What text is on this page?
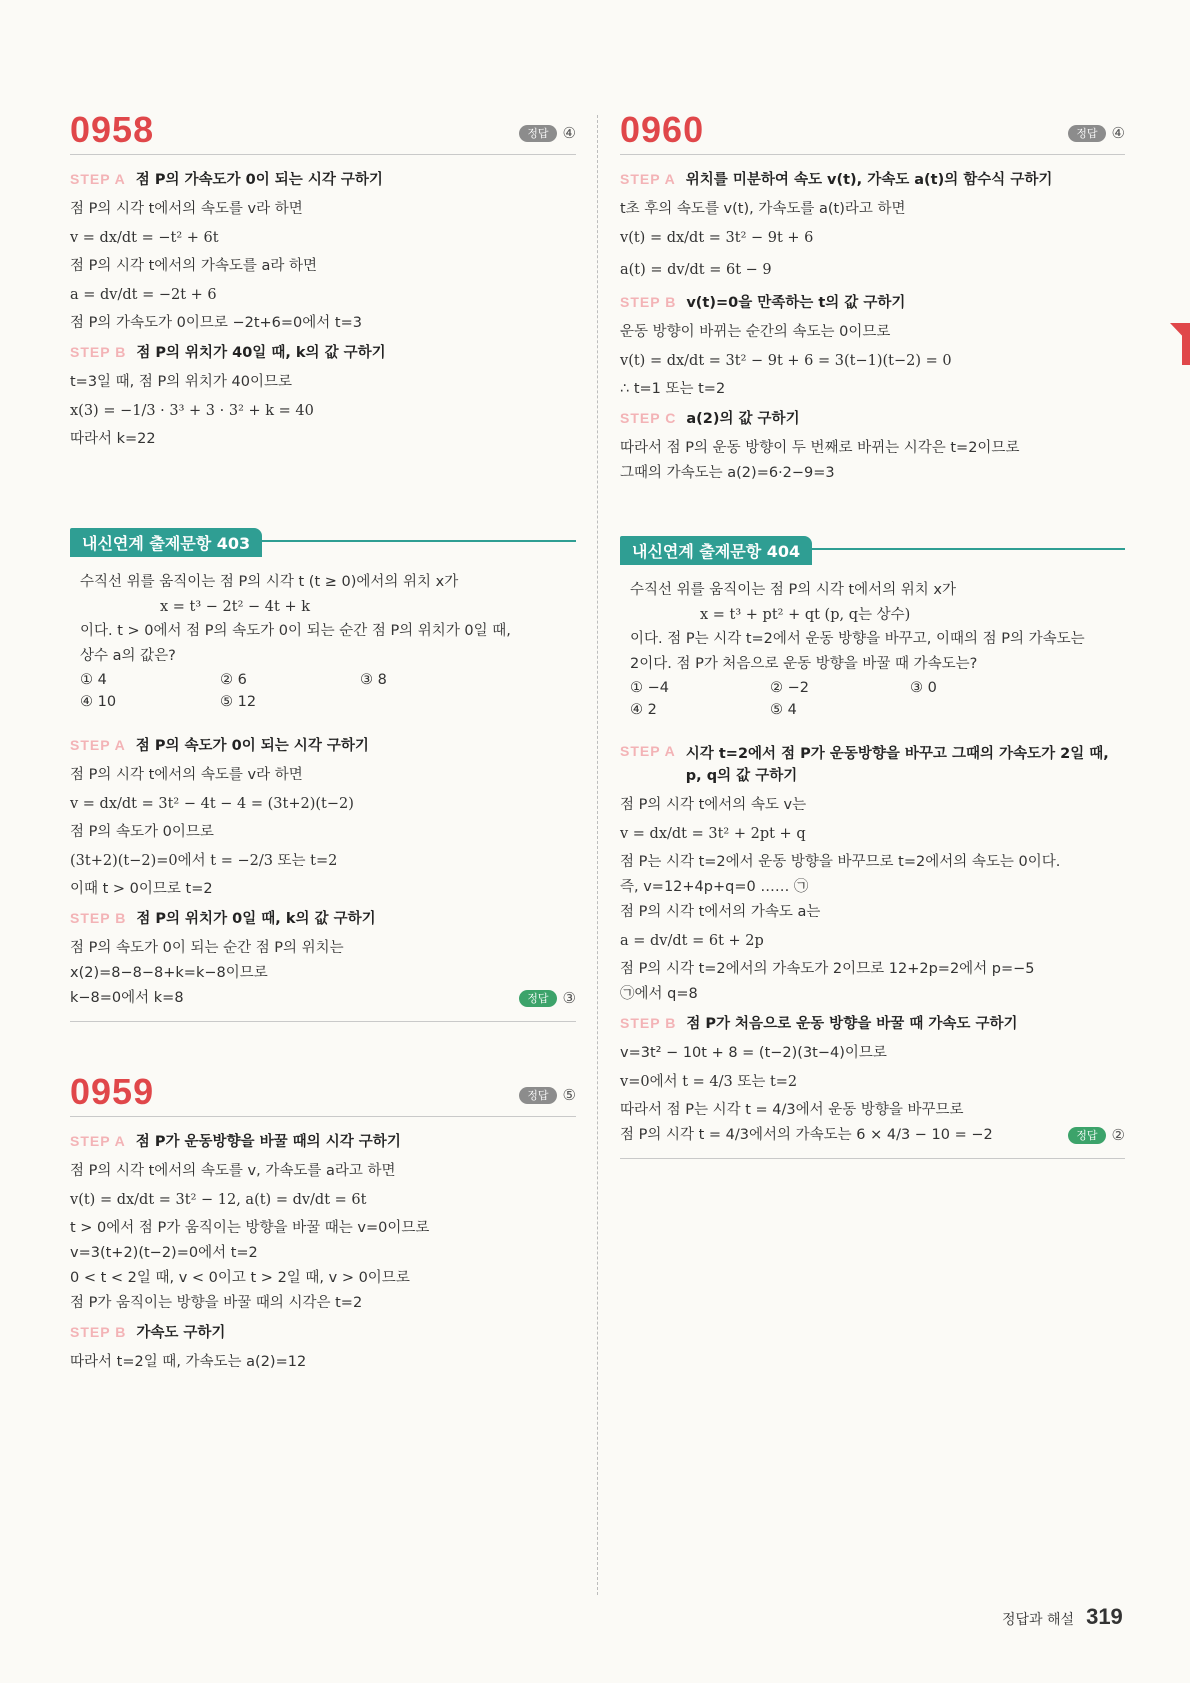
0958	정답 ④
STEP A 점 P의 가속도가 0이 되는 시각 구하기
점 P의 시각 t에서의 속도를 v라 하면
v = dx/dt = −t² + 6t
점 P의 시각 t에서의 가속도를 a라 하면
a = dv/dt = −2t + 6
점 P의 가속도가 0이므로 −2t+6=0에서 t=3
STEP B 점 P의 위치가 40일 때, k의 값 구하기
t=3일 때, 점 P의 위치가 40이므로
x(3) = −1/3 · 3³ + 3 · 3² + k = 40
따라서 k=22
내신연계 출제문항 403
수직선 위를 움직이는 점 P의 시각 t (t ≥ 0)에서의 위치 x가
x = t³ − 2t² − 4t + k
이다. t > 0에서 점 P의 속도가 0이 되는 순간 점 P의 위치가 0일 때,
상수 a의 값은?
① 4	② 6	③ 8
④ 10	⑤ 12
STEP A 점 P의 속도가 0이 되는 시각 구하기
점 P의 시각 t에서의 속도를 v라 하면
v = dx/dt = 3t² − 4t − 4 = (3t+2)(t−2)
점 P의 속도가 0이므로
(3t+2)(t−2)=0에서 t = −2/3 또는 t=2
이때 t > 0이므로 t=2
STEP B 점 P의 위치가 0일 때, k의 값 구하기
점 P의 속도가 0이 되는 순간 점 P의 위치는
x(2)=8−8−8+k=k−8이므로
k−8=0에서 k=8	정답 ③
0959	정답 ⑤
STEP A 점 P가 운동방향을 바꿀 때의 시각 구하기
점 P의 시각 t에서의 속도를 v, 가속도를 a라고 하면
v(t) = dx/dt = 3t² − 12, a(t) = dv/dt = 6t
t > 0에서 점 P가 움직이는 방향을 바꿀 때는 v=0이므로
v=3(t+2)(t−2)=0에서 t=2
0 < t < 2일 때, v < 0이고 t > 2일 때, v > 0이므로
점 P가 움직이는 방향을 바꿀 때의 시각은 t=2
STEP B 가속도 구하기
따라서 t=2일 때, 가속도는 a(2)=12
0960	정답 ④
STEP A 위치를 미분하여 속도 v(t), 가속도 a(t)의 함수식 구하기
t초 후의 속도를 v(t), 가속도를 a(t)라고 하면
v(t) = dx/dt = 3t² − 9t + 6
a(t) = dv/dt = 6t − 9
STEP B v(t)=0을 만족하는 t의 값 구하기
운동 방향이 바뀌는 순간의 속도는 0이므로
v(t) = dx/dt = 3t² − 9t + 6 = 3(t−1)(t−2) = 0
∴ t=1 또는 t=2
STEP C a(2)의 값 구하기
따라서 점 P의 운동 방향이 두 번째로 바뀌는 시각은 t=2이므로
그때의 가속도는 a(2)=6·2−9=3
내신연계 출제문항 404
수직선 위를 움직이는 점 P의 시각 t에서의 위치 x가
x = t³ + pt² + qt (p, q는 상수)
이다. 점 P는 시각 t=2에서 운동 방향을 바꾸고, 이때의 점 P의 가속도는
2이다. 점 P가 처음으로 운동 방향을 바꿀 때 가속도는?
① −4	② −2	③ 0
④ 2	⑤ 4
STEP A 시각 t=2에서 점 P가 운동방향을 바꾸고 그때의 가속도가 2일 때, p, q의 값 구하기
점 P의 시각 t에서의 속도 v는
v = dx/dt = 3t² + 2pt + q
점 P는 시각 t=2에서 운동 방향을 바꾸므로 t=2에서의 속도는 0이다.
즉, v=12+4p+q=0 …… ㉠
점 P의 시각 t에서의 가속도 a는
a = dv/dt = 6t + 2p
점 P의 시각 t=2에서의 가속도가 2이므로 12+2p=2에서 p=−5
㉠에서 q=8
STEP B 점 P가 처음으로 운동 방향을 바꿀 때 가속도 구하기
v=3t² − 10t + 8 = (t−2)(3t−4)이므로
v=0에서 t = 4/3 또는 t=2
따라서 점 P는 시각 t = 4/3에서 운동 방향을 바꾸므로
점 P의 시각 t = 4/3에서의 가속도는 6 × 4/3 − 10 = −2	정답 ②
정답과 해설 319
